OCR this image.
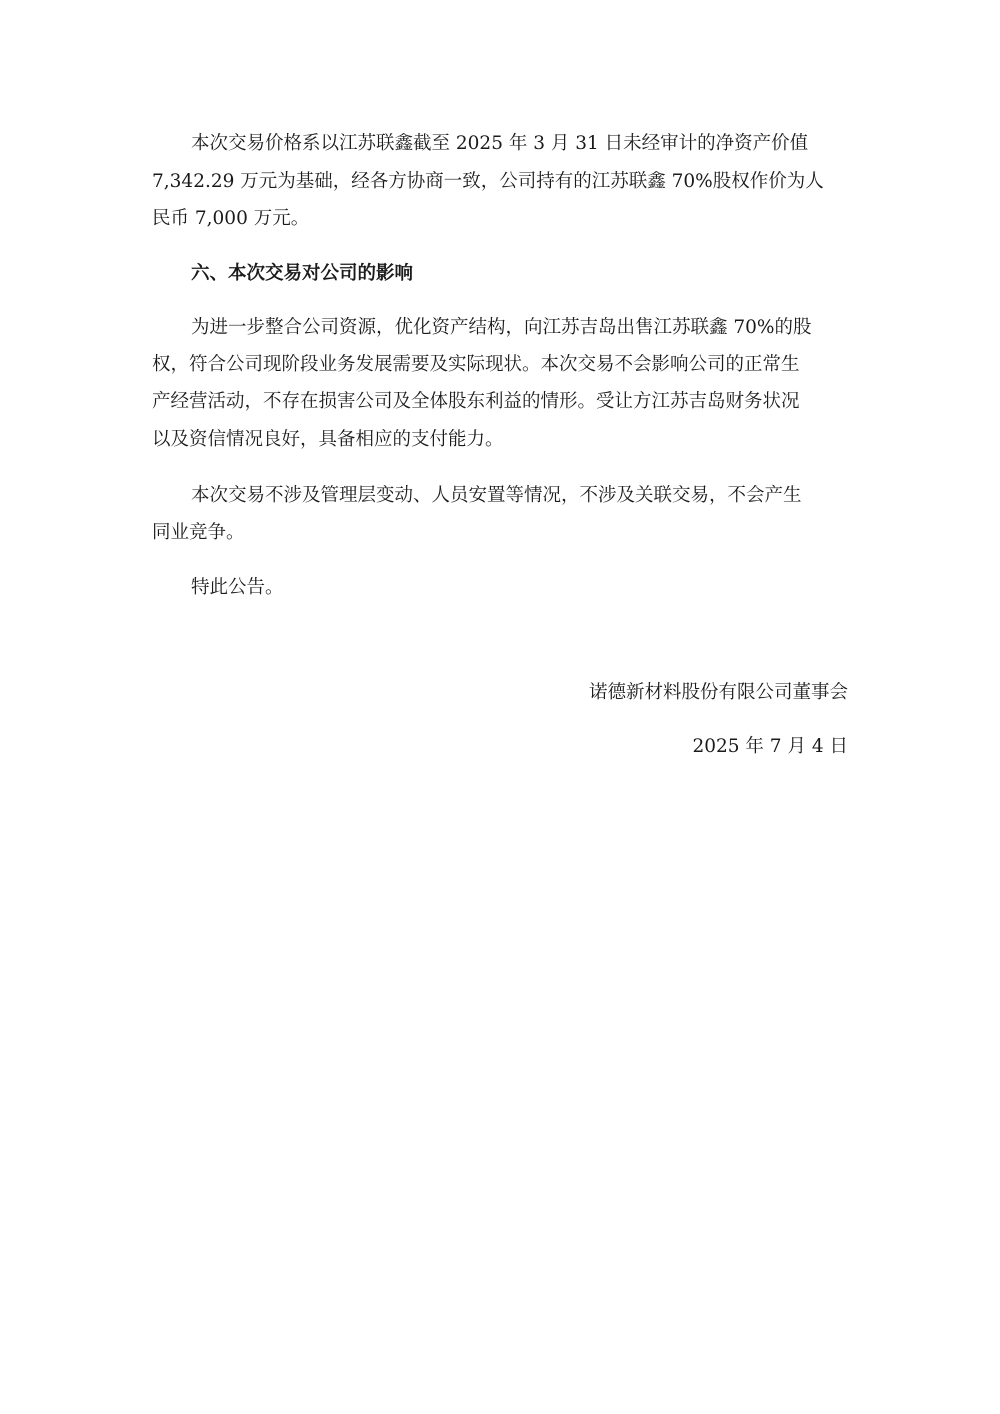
本次交易价格系以江苏联鑫截至 2025 年 3 月 31 日未经审计的净资产价值
7,342.29 万元为基础，经各方协商一致，公司持有的江苏联鑫 70%股权作价为人
民币 7,000 万元。
六、本次交易对公司的影响
为进一步整合公司资源，优化资产结构，向江苏吉岛出售江苏联鑫 70%的股
权，符合公司现阶段业务发展需要及实际现状。本次交易不会影响公司的正常生
产经营活动，不存在损害公司及全体股东利益的情形。受让方江苏吉岛财务状况
以及资信情况良好，具备相应的支付能力。
本次交易不涉及管理层变动、人员安置等情况，不涉及关联交易，不会产生
同业竞争。
特此公告。
诺德新材料股份有限公司董事会
2025 年 7 月 4 日
